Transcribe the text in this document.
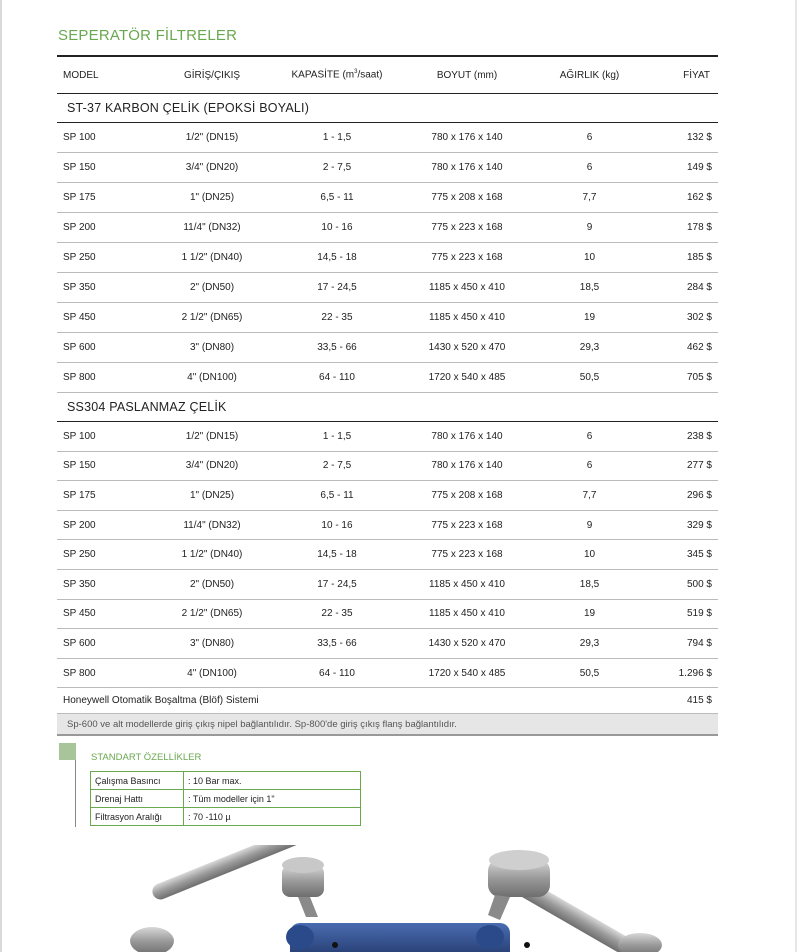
SEPERATÖR FİLTRELER
MODEL	GİRİŞ/ÇIKIŞ	KAPASİTE $(m^3/saat)$	BOYUT (mm)	AĞIRLIK (kg)	FİYAT
ST-37 KARBON ÇELİK (EPOKSİ BOYALI)
SP 100	1/2" (DN15)	1 - 1,5	780 x 176 x 140	6	132 $
SP 150	3/4" (DN20)	2 - 7,5	780 x 176 x 140	6	149 $
SP 175	1" (DN25)	6,5 - 11	775 x 208 x 168	7,7	162 $
SP 200	11/4" (DN32)	10 - 16	775 x 223 x 168	9	178 $
SP 250	1 1/2" (DN40)	14,5 - 18	775 x 223 x 168	10	185 $
SP 350	2" (DN50)	17 - 24,5	1185 x 450 x 410	18,5	284 $
SP 450	2 1/2" (DN65)	22 - 35	1185 x 450 x 410	19	302 $
SP 600	3" (DN80)	33,5 - 66	1430 x 520 x 470	29,3	462 $
SP 800	4" (DN100)	64 - 110	1720 x 540 x 485	50,5	705 $
SS304 PASLANMAZ ÇELİK
SP 100	1/2" (DN15)	1 - 1,5	780 x 176 x 140	6	238 $
SP 150	3/4" (DN20)	2 - 7,5	780 x 176 x 140	6	277 $
SP 175	1" (DN25)	6,5 - 11	775 x 208 x 168	7,7	296 $
SP 200	11/4" (DN32)	10 - 16	775 x 223 x 168	9	329 $
SP 250	1 1/2" (DN40)	14,5 - 18	775 x 223 x 168	10	345 $
SP 350	2" (DN50)	17 - 24,5	1185 x 450 x 410	18,5	500 $
SP 450	2 1/2" (DN65)	22 - 35	1185 x 450 x 410	19	519 $
SP 600	3" (DN80)	33,5 - 66	1430 x 520 x 470	29,3	794 $
SP 800	4" (DN100)	64 - 110	1720 x 540 x 485	50,5	1.296 $
Honeywell Otomatik Boşaltma (Blöf) Sistemi	415 $
Sp-600 ve alt modellerde giriş çıkış nipel bağlantılıdır. Sp-800'de giriş çıkış flanş bağlantılıdır.
STANDART ÖZELLİKLER
Çalışma Basıncı	: 10 Bar max.
Drenaj Hattı	: Tüm modeller için 1"
Filtrasyon Aralığı	: 70 -110 µ
